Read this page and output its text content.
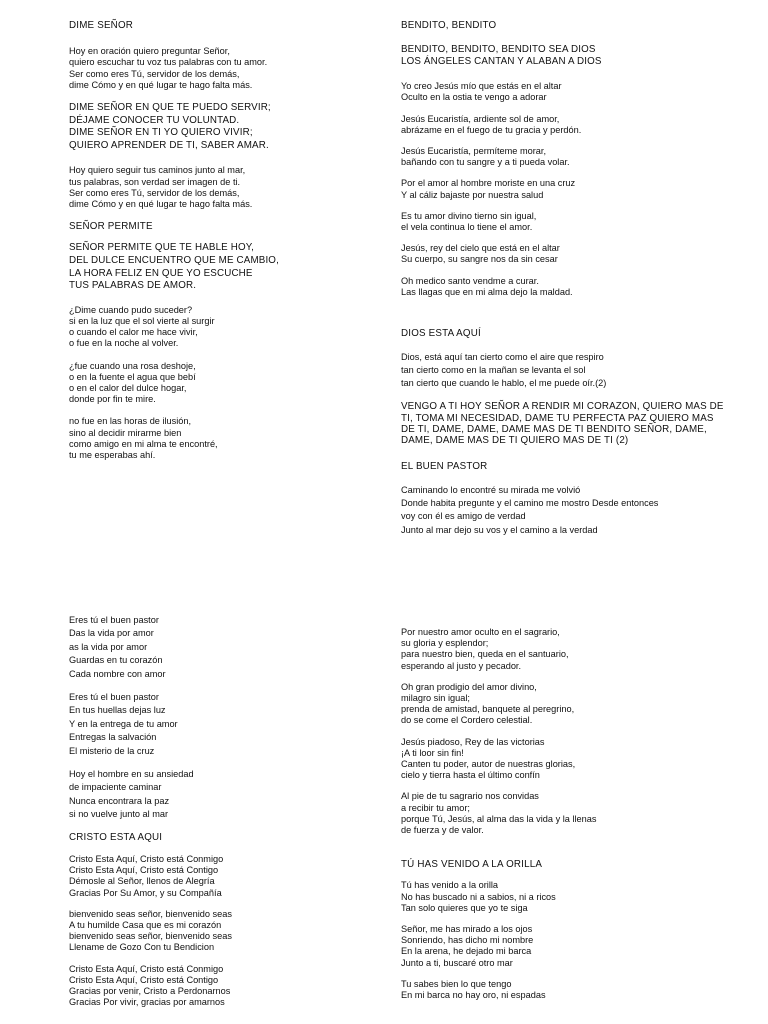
DIME SEÑOR

Hoy en oración quiero preguntar Señor,
quiero escuchar tu voz tus palabras con tu amor.
Ser como eres Tú, servidor de los demás,
dime Cómo y en qué lugar te hago falta más.

DIME SEÑOR EN QUE TE PUEDO SERVIR;
DÉJAME CONOCER TU VOLUNTAD.
DIME SEÑOR EN TI YO QUIERO VIVIR;
QUIERO APRENDER DE TI, SABER AMAR.

Hoy quiero seguir tus caminos junto al mar,
tus palabras, son verdad ser imagen de ti.
Ser como eres Tú, servidor de los demás,
dime Cómo y en qué lugar te hago falta más.

SEÑOR PERMITE

SEÑOR PERMITE QUE TE HABLE HOY,
DEL DULCE ENCUENTRO QUE ME CAMBIO,
LA HORA FELIZ EN QUE YO ESCUCHE
TUS PALABRAS DE AMOR.

¿Dime cuando pudo suceder?
si en la luz que el sol vierte al surgir
o cuando el calor me hace vivir,
o fue en la noche al volver.

¿fue cuando una rosa deshoje,
o en la fuente el agua que bebí
o en el calor del dulce hogar,
donde por fin te mire.

no fue en las horas de ilusión,
sino al decidir mirarme bien
como amigo en mi alma te encontré,
tu me esperabas ahí.

BENDITO, BENDITO

BENDITO, BENDITO, BENDITO SEA DIOS
LOS ÁNGELES CANTAN Y ALABAN A DIOS

Yo creo Jesús mío que estás en el altar
Oculto en la ostia te vengo a adorar

Jesús Eucaristía, ardiente sol de amor,
abrázame en el fuego de tu gracia y perdón.

Jesús Eucaristía, permíteme morar,
bañando con tu sangre y a ti pueda volar.

Por el amor al hombre moriste en una cruz
Y al cáliz bajaste por nuestra salud

Es tu amor divino tierno sin igual,
el vela continua lo tiene el amor.

Jesús, rey del cielo que está en el altar
Su cuerpo, su sangre nos da sin cesar

Oh medico santo vendme a curar.
Las llagas que en mi alma dejo la maldad.

DIOS ESTA AQUÍ

Dios, está aquí tan cierto como el aire que respiro
tan cierto como en la mañan se levanta el sol
tan cierto que cuando le hablo, el me puede oír.(2)

VENGO A TI HOY SEÑOR A RENDIR MI CORAZON, QUIERO MAS DE TI, TOMA MI NECESIDAD, DAME TU PERFECTA PAZ QUIERO MAS DE TI, DAME, DAME, DAME MAS DE TI BENDITO SEÑOR, DAME, DAME, DAME MAS DE TI QUIERO MAS DE TI (2)

EL BUEN PASTOR

Caminando lo encontré su mirada me volvió
Donde habita pregunte y el camino me mostro Desde entonces
voy con él es amigo de verdad
Junto al mar dejo su vos y el camino a la verdad

Eres tú el buen pastor
Das la vida por amor
as la vida por amor
Guardas en tu corazón
Cada nombre con amor

Eres tú el buen pastor
En tus huellas dejas luz
Y en la entrega de tu amor
Entregas la salvación
El misterio de la cruz

Hoy el hombre en su ansiedad
de impaciente caminar
Nunca encontrara la paz
si no vuelve junto al mar

CRISTO ESTA AQUI

Cristo Esta Aquí, Cristo está Conmigo
Cristo Esta Aquí, Cristo está Contigo
Démosle al Señor, llenos de Alegría
Gracias Por Su Amor, y su Compañía

bienvenido seas señor, bienvenido seas
A tu humilde Casa que es mi corazón
bienvenido seas señor, bienvenido seas
Llename de Gozo Con tu Bendicion

Cristo Esta Aquí, Cristo está Conmigo
Cristo Esta Aquí, Cristo está Contigo
Gracias por venir, Cristo a Perdonarnos
Gracias Por vivir, gracias por amarnos

Por nuestro amor oculto en el sagrario,
su gloria y esplendor;
para nuestro bien, queda en el santuario,
esperando al justo y pecador.

Oh gran prodigio del amor divino,
milagro sin igual;
prenda de amistad, banquete al peregrino,
do se come el Cordero celestial.

Jesús piadoso, Rey de las victorias
¡A ti loor sin fin!
Canten tu poder, autor de nuestras glorias,
cielo y tierra hasta el último confín

Al pie de tu sagrario nos convidas
a recibir tu amor;
porque Tú, Jesús, al alma das la vida y la llenas
de fuerza y de valor.

TÚ HAS VENIDO A LA ORILLA

Tú has venido a la orilla
No has buscado ni a sabios, ni a ricos
Tan solo quieres que yo te siga

Señor, me has mirado a los ojos
Sonriendo, has dicho mi nombre
En la arena, he dejado mi barca
Junto a ti, buscaré otro mar

Tu sabes bien lo que tengo
En mi barca no hay oro, ni espadas
